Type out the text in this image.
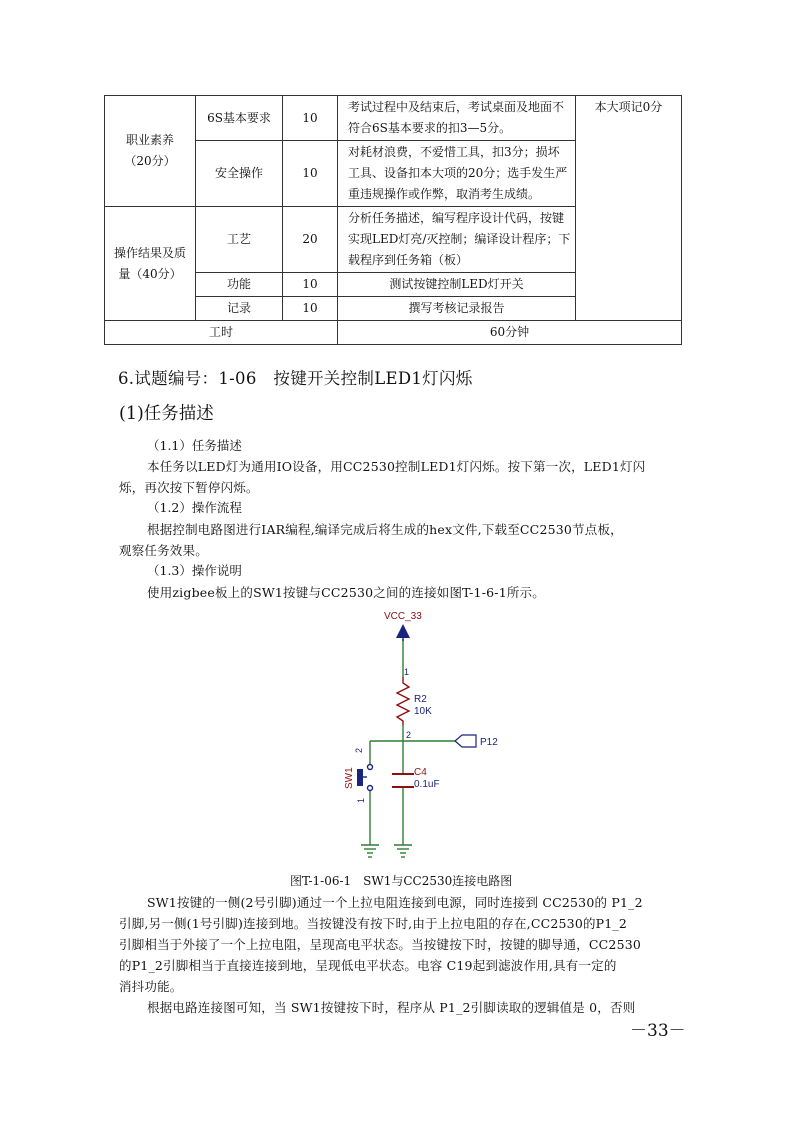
职业素养（20分）	6S基本要求	10	考试过程中及结束后，考试桌面及地面不符合6S基本要求的扣3—5分。	本大项记0分
	安全操作	10	对耗材浪费，不爱惜工具，扣3分；损坏工具、设备扣本大项的20分；选手发生严重违规操作或作弊，取消考生成绩。	
操作结果及质量（40分）	工艺	20	分析任务描述，编写程序设计代码，按键实现LED灯亮/灭控制；编译设计程序；下载程序到任务箱（板）	
	功能	10	测试按键控制LED灯开关	
	记录	10	撰写考核记录报告	
工时			60分钟	
6.试题编号：1-06　按键开关控制LED1灯闪烁
(1)任务描述
（1.1）任务描述
本任务以LED灯为通用IO设备，用CC2530控制LED1灯闪烁。按下第一次，LED1灯闪
烁，再次按下暂停闪烁。
（1.2）操作流程
根据控制电路图进行IAR编程,编译完成后将生成的hex文件,下载至CC2530节点板，
观察任务效果。
（1.3）操作说明
使用zigbee板上的SW1按键与CC2530之间的连接如图T-1-6-1所示。
VCC_33
1
R2
10K
2
P12
C4
0.1uF
2
1
SW1
图T-1-06-1　SW1与CC2530连接电路图
SW1按键的一侧(2号引脚)通过一个上拉电阻连接到电源，同时连接到 CC2530的 P1_2
引脚,另一侧(1号引脚)连接到地。当按键没有按下时,由于上拉电阻的存在,CC2530的P1_2
引脚相当于外接了一个上拉电阻，呈现高电平状态。当按键按下时，按键的脚导通，CC2530
的P1_2引脚相当于直接连接到地，呈现低电平状态。电容 C19起到滤波作用,具有一定的
消抖功能。
根据电路连接图可知，当 SW1按键按下时，程序从 P1_2引脚读取的逻辑值是 0，否则
－33－
